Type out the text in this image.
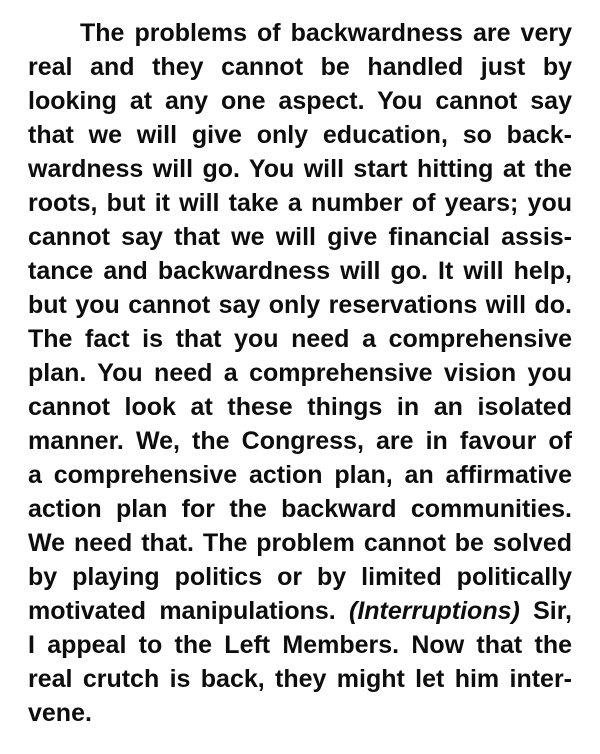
The problems of backwardness are very
real and they cannot be handled just by
looking at any one aspect. You cannot say
that we will give only education, so back-
wardness will go. You will start hitting at the
roots, but it will take a number of years; you
cannot say that we will give financial assis-
tance and backwardness will go. It will help,
but you cannot say only reservations will do.
The fact is that you need a comprehensive
plan. You need a comprehensive vision you
cannot look at these things in an isolated
manner. We, the Congress, are in favour of
a comprehensive action plan, an affirmative
action plan for the backward communities.
We need that. The problem cannot be solved
by playing politics or by limited politically
motivated manipulations. (Interruptions) Sir,
I appeal to the Left Members. Now that the
real crutch is back, they might let him inter-
vene.
